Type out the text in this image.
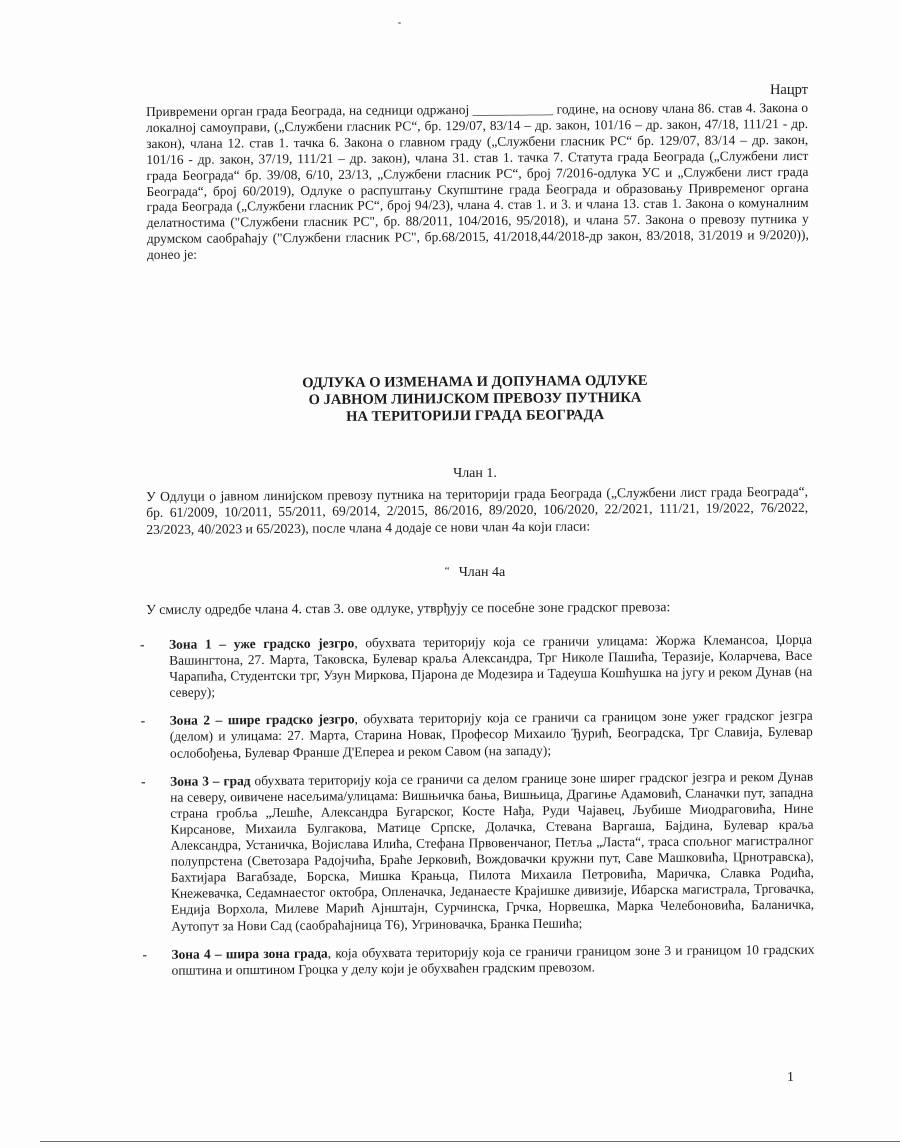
Нацрт
Привремени орган града Београда, на седници одржаној ____________ године, на основу члана 86. став 4. Закона о локалној самоуправи, („Службени гласник РС“, бр. 129/07, 83/14 – др. закон, 101/16 – др. закон, 47/18, 111/21 - др. закон), члана 12. став 1. тачка 6. Закона о главном граду („Службени гласник РС“ бр. 129/07, 83/14 – др. закон, 101/16 - др. закон, 37/19, 111/21 – др. закон), члана 31. став 1. тачка 7. Статута града Београда („Службени лист града Београда“ бр. 39/08, 6/10, 23/13, „Службени гласник РС“, број 7/2016-одлука УС и „Службени лист града Београда“, број 60/2019), Одлуке о распуштању Скупштине града Београда и образовању Привременог органа града Београда („Службени гласник РС“, број 94/23), члана 4. став 1. и 3. и члана 13. став 1. Закона о комуналним делатностима ("Службени гласник РС", бр. 88/2011, 104/2016, 95/2018), и члана 57. Закона о превозу путника у друмском саобраћају ("Службени гласник РС", бр.68/2015, 41/2018,44/2018-др закон, 83/2018, 31/2019 и 9/2020)), донео је:
ОДЛУКА О ИЗМЕНАМА И ДОПУНАМА ОДЛУКЕ
О ЈАВНОМ ЛИНИЈСКОМ ПРЕВОЗУ ПУТНИКА
НА ТЕРИТОРИЈИ ГРАДА БЕОГРАДА
Члан 1.
У Одлуци о јавном линијском превозу путника на територији града Београда („Службени лист града Београда“, бр. 61/2009, 10/2011, 55/2011, 69/2014, 2/2015, 86/2016, 89/2020, 106/2020, 22/2021, 111/21, 19/2022, 76/2022, 23/2023, 40/2023 и 65/2023), после члана 4 додаје се нови члан 4а који гласи:
“ Члан 4а
У смислу одредбе члана 4. став 3. ове одлуке, утврђују се посебне зоне градског превоза:
- Зона 1 – уже градско језгро, обухвата територију која се граничи улицама: Жоржа Клемансоа, Џорџа Вашингтона, 27. Марта, Таковска, Булевар краља Александра, Трг Николе Пашића, Теразије, Коларчева, Васе Чарапића, Студентски трг, Узун Миркова, Пјарона де Модезира и Тадеуша Кошћушка на југу и реком Дунав (на северу);
- Зона 2 – шире градско језгро, обухвата територију која се граничи са границом зоне ужег градског језгра (делом) и улицама: 27. Марта, Старина Новак, Професор Михаило Ђурић, Београдска, Трг Славија, Булевар ослобођења, Булевар Франше Д'Епереа и реком Савом (на западу);
- Зона 3 – град обухвата територију која се граничи са делом границе зоне ширег градског језгра и реком Дунав на северу, оивичене насељима/улицама: Вишњичка бања, Вишњица, Драгиње Адамовић, Сланачки пут, западна страна гробља „Лешће, Александра Бугарског, Косте Нађа, Руди Чајавец, Љубише Миодраговића, Нине Кирсанове, Михаила Булгакова, Матице Српске, Долачка, Стевана Варгаша, Бајдина, Булевар краља Александра, Устаничка, Војислава Илића, Стефана Првовенчаног, Петља „Ласта“, траса спољног магистралног полупрстена (Светозара Радојчића, Браће Јерковић, Вождовачки кружни пут, Саве Машковића, Црнотравска), Бахтијара Вагабзаде, Борска, Мишка Крањца, Пилота Михаила Петровића, Маричка, Славка Родића, Кнежевачка, Седамнаестог октобра, Опленачка, Једанаесте Крајишке дивизије, Ибарска магистрала, Трговачка, Ендија Ворхола, Милеве Марић Ајнштајн, Сурчинска, Грчка, Норвешка, Марка Челебоновића, Баланичка, Аутопут за Нови Сад (саобраћајница Т6), Угриновачка, Бранка Пешића;
- Зона 4 – шира зона града, која обухвата територију која се граничи границом зоне 3 и границом 10 градских општина и општином Гроцка у делу који је обухваћен градским превозом.
1
